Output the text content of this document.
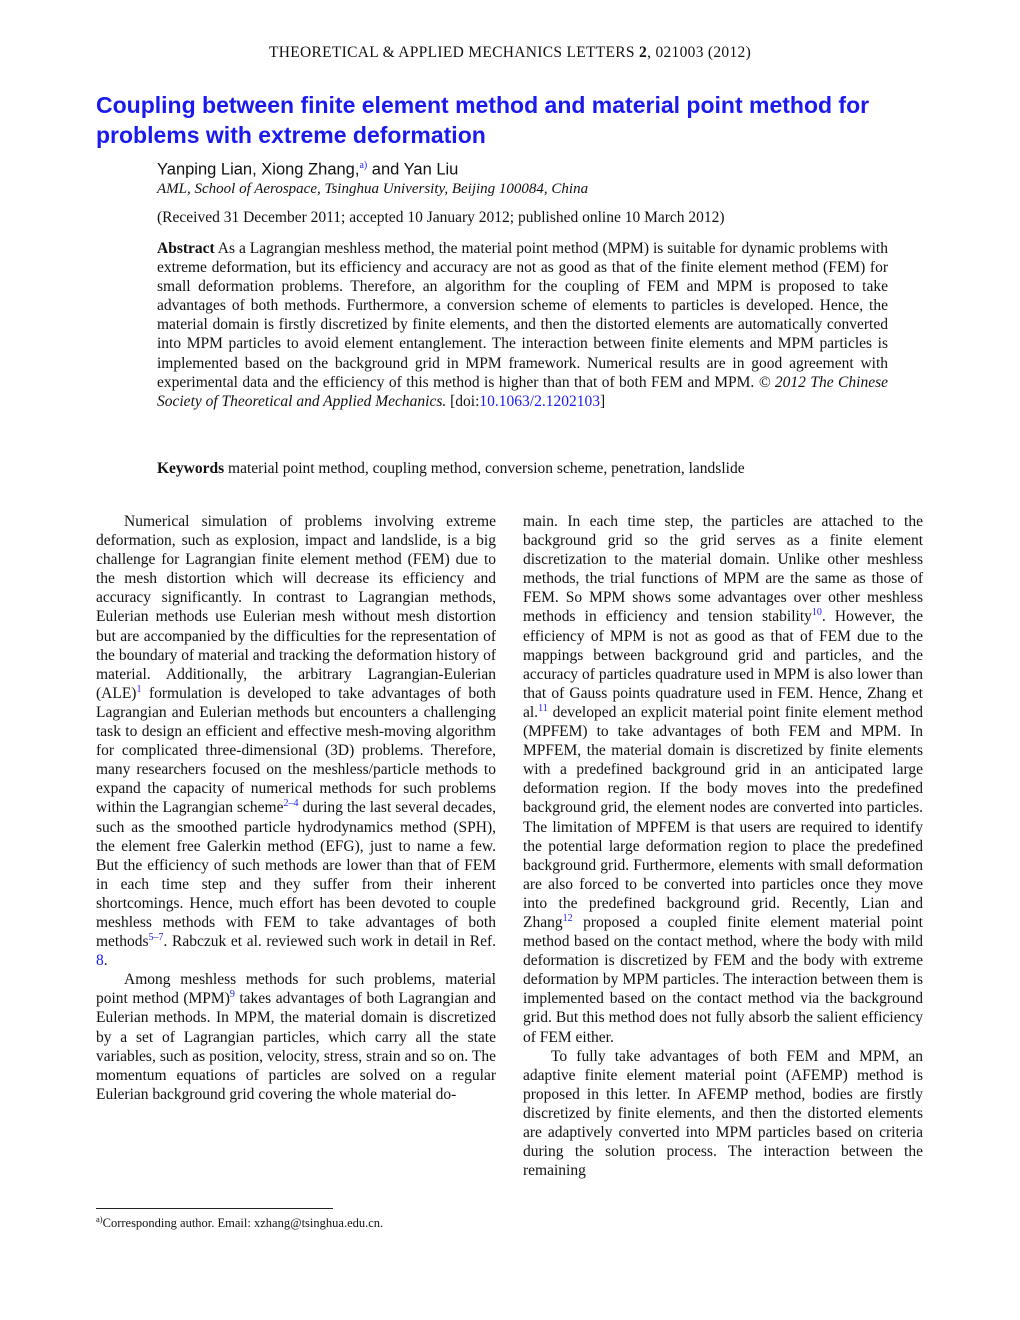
THEORETICAL & APPLIED MECHANICS LETTERS 2, 021003 (2012)
Coupling between finite element method and material point method for problems with extreme deformation
Yanping Lian, Xiong Zhang,$^{a)}$ and Yan Liu
AML, School of Aerospace, Tsinghua University, Beijing 100084, China
(Received 31 December 2011; accepted 10 January 2012; published online 10 March 2012)
Abstract As a Lagrangian meshless method, the material point method (MPM) is suitable for dynamic problems with extreme deformation, but its efficiency and accuracy are not as good as that of the finite element method (FEM) for small deformation problems. Therefore, an algorithm for the coupling of FEM and MPM is proposed to take advantages of both methods. Furthermore, a conversion scheme of elements to particles is developed. Hence, the material domain is firstly discretized by finite elements, and then the distorted elements are automatically converted into MPM particles to avoid element entanglement. The interaction between finite elements and MPM particles is implemented based on the background grid in MPM framework. Numerical results are in good agreement with experimental data and the efficiency of this method is higher than that of both FEM and MPM. © 2012 The Chinese Society of Theoretical and Applied Mechanics. [doi:10.1063/2.1202103]
Keywords material point method, coupling method, conversion scheme, penetration, landslide

Numerical simulation of problems involving extreme deformation, such as explosion, impact and landslide, is a big challenge for Lagrangian finite element method (FEM) due to the mesh distortion which will decrease its efficiency and accuracy significantly. In contrast to Lagrangian methods, Eulerian methods use Eulerian mesh without mesh distortion but are accompanied by the difficulties for the representation of the boundary of material and tracking the deformation history of material. Additionally, the arbitrary Lagrangian-Eulerian (ALE)$^1$ formulation is developed to take advantages of both Lagrangian and Eulerian methods but encounters a challenging task to design an efficient and effective mesh-moving algorithm for complicated three-dimensional (3D) problems. Therefore, many researchers focused on the meshless/particle methods to expand the capacity of numerical methods for such problems within the Lagrangian scheme$^{2-4}$ during the last several decades, such as the smoothed particle hydrodynamics method (SPH), the element free Galerkin method (EFG), just to name a few. But the efficiency of such methods are lower than that of FEM in each time step and they suffer from their inherent shortcomings. Hence, much effort has been devoted to couple meshless methods with FEM to take advantages of both methods$^{5-7}$. Rabczuk et al. reviewed such work in detail in Ref. 8.

Among meshless methods for such problems, material point method (MPM)$^9$ takes advantages of both Lagrangian and Eulerian methods. In MPM, the material domain is discretized by a set of Lagrangian particles, which carry all the state variables, such as position, velocity, stress, strain and so on. The momentum equations of particles are solved on a regular Eulerian background grid covering the whole material do-

main. In each time step, the particles are attached to the background grid so the grid serves as a finite element discretization to the material domain. Unlike other meshless methods, the trial functions of MPM are the same as those of FEM. So MPM shows some advantages over other meshless methods in efficiency and tension stability$^{10}$. However, the efficiency of MPM is not as good as that of FEM due to the mappings between background grid and particles, and the accuracy of particles quadrature used in MPM is also lower than that of Gauss points quadrature used in FEM. Hence, Zhang et al.$^{11}$ developed an explicit material point finite element method (MPFEM) to take advantages of both FEM and MPM. In MPFEM, the material domain is discretized by finite elements with a predefined background grid in an anticipated large deformation region. If the body moves into the predefined background grid, the element nodes are converted into particles. The limitation of MPFEM is that users are required to identify the potential large deformation region to place the predefined background grid. Furthermore, elements with small deformation are also forced to be converted into particles once they move into the predefined background grid. Recently, Lian and Zhang$^{12}$ proposed a coupled finite element material point method based on the contact method, where the body with mild deformation is discretized by FEM and the body with extreme deformation by MPM particles. The interaction between them is implemented based on the contact method via the background grid. But this method does not fully absorb the salient efficiency of FEM either.

To fully take advantages of both FEM and MPM, an adaptive finite element material point (AFEMP) method is proposed in this letter. In AFEMP method, bodies are firstly discretized by finite elements, and then the distorted elements are adaptively converted into MPM particles based on criteria during the solution process. The interaction between the remaining

$^{a)}$Corresponding author. Email: xzhang@tsinghua.edu.cn.
